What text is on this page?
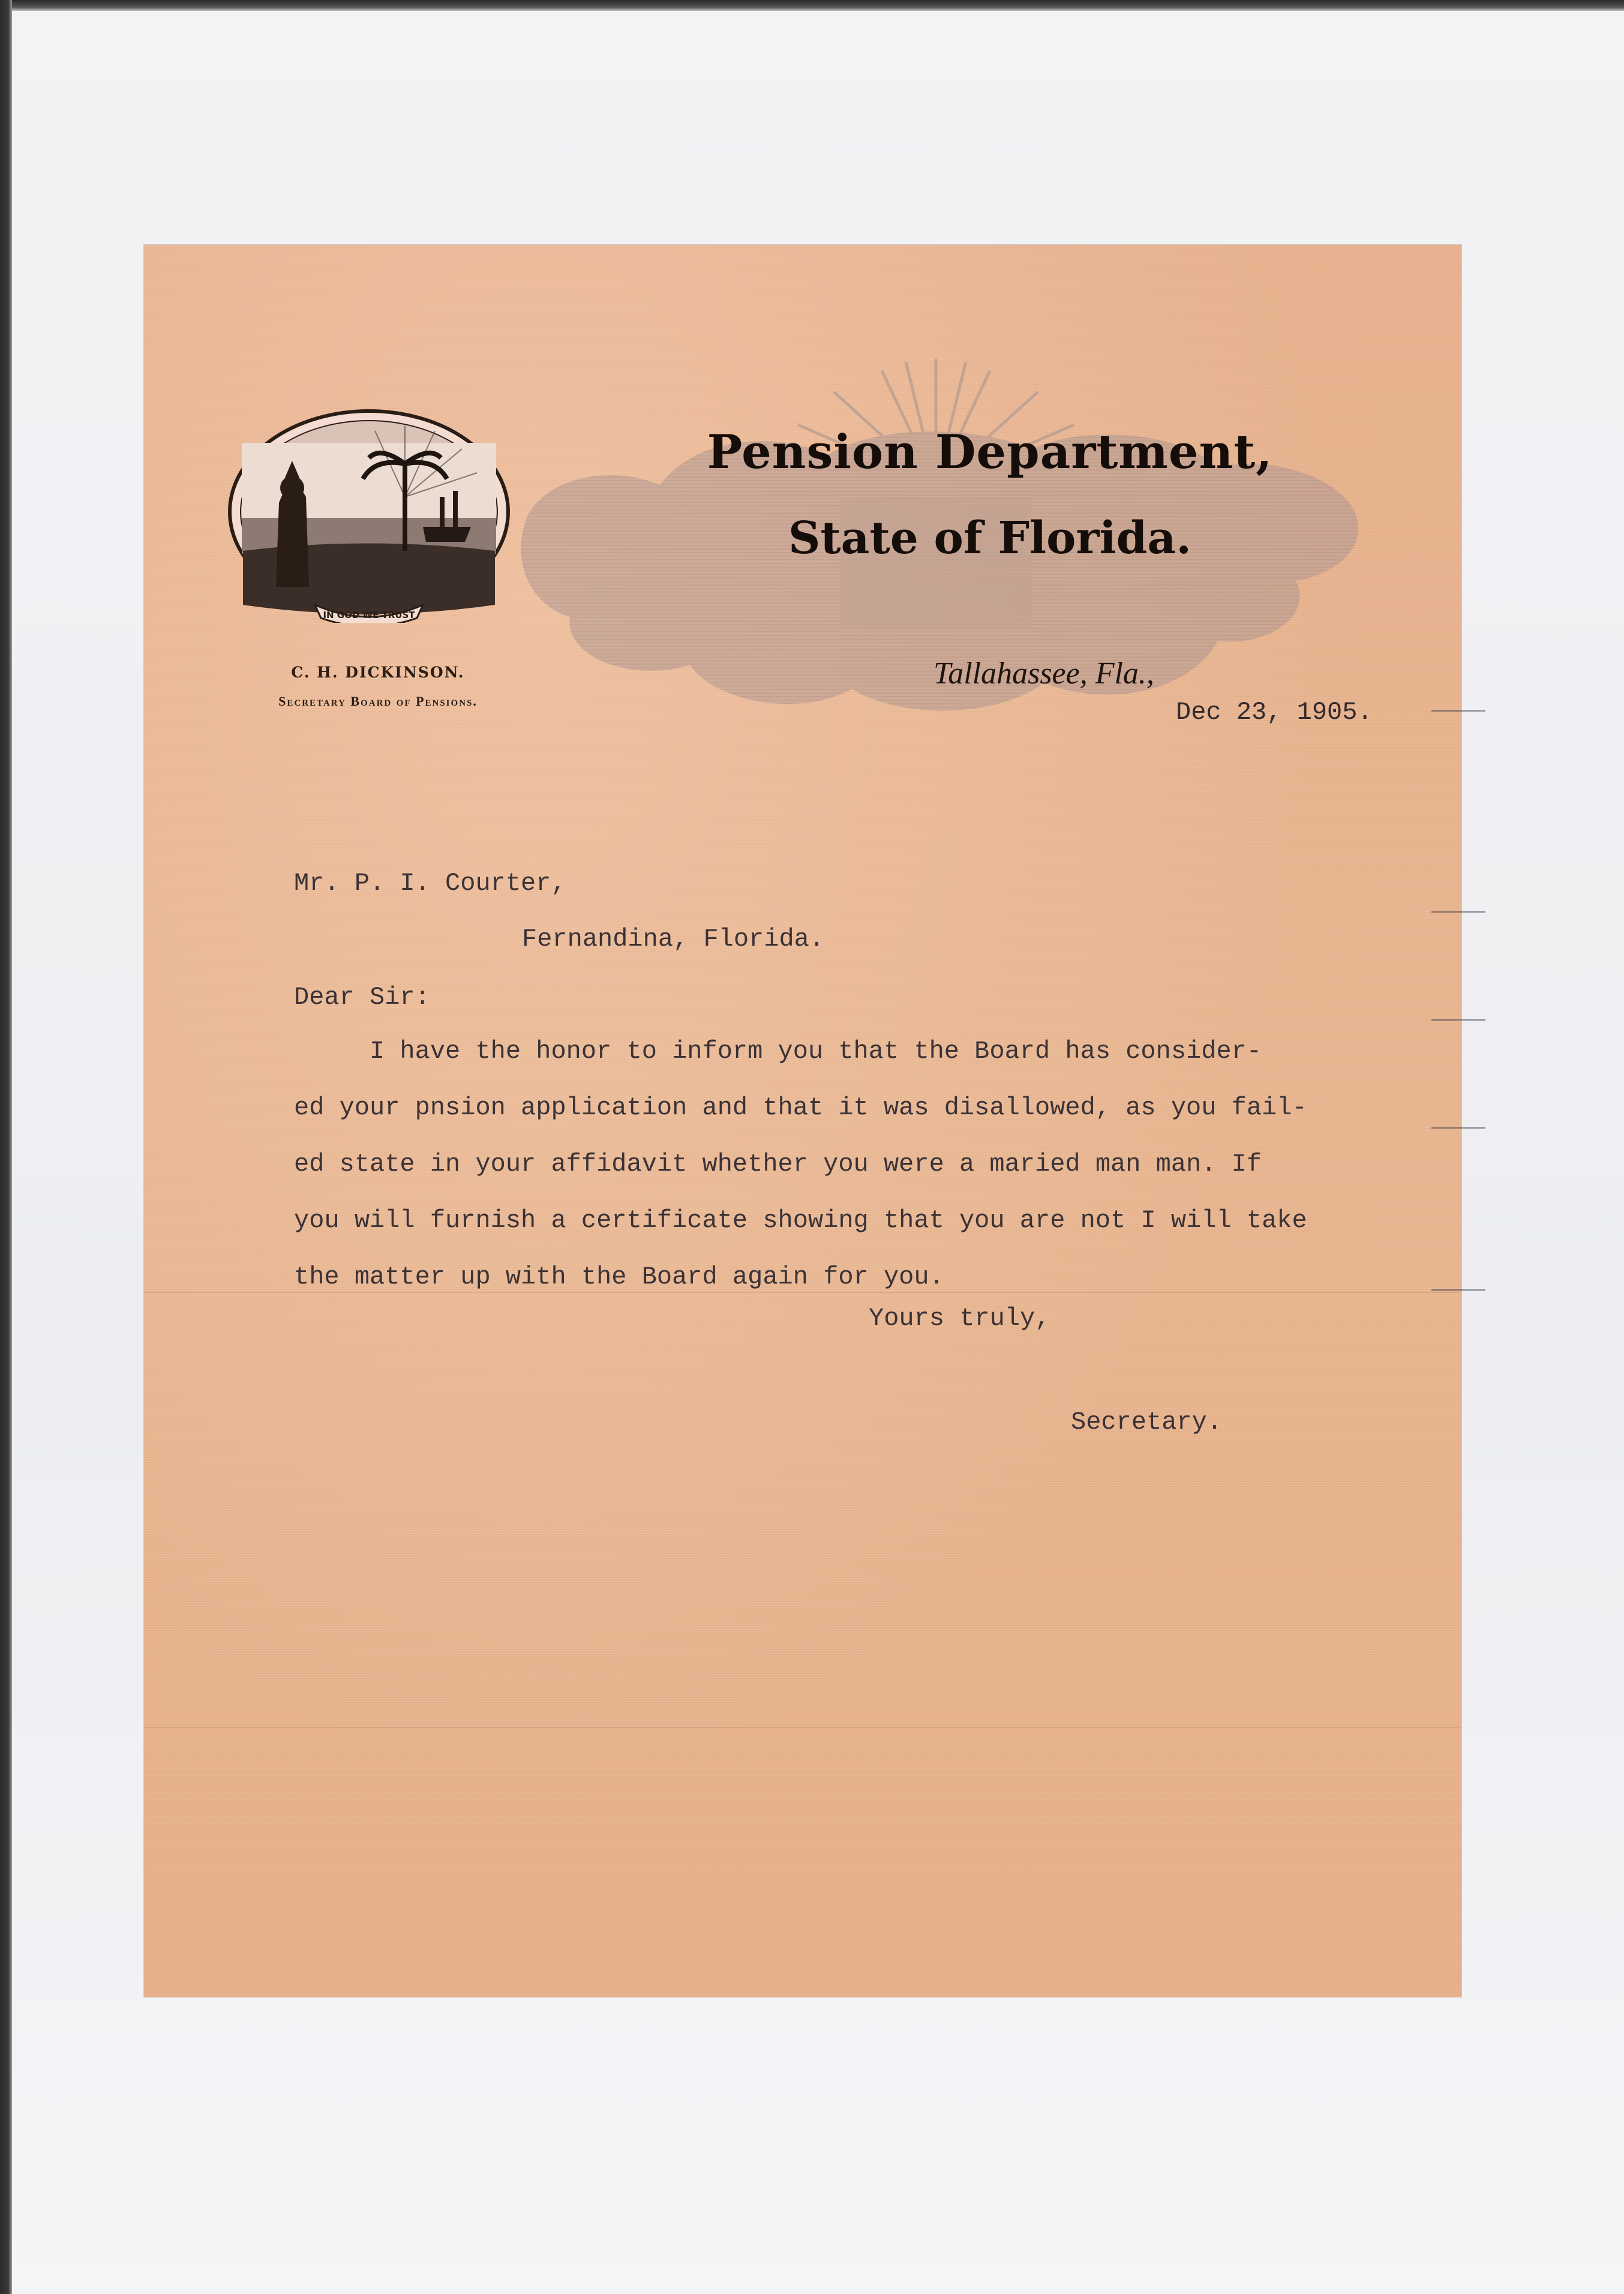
IN GOD WE TRUST
C. H. DICKINSON.
Secretary Board of Pensions.
Pension Department,
State of Florida.
Tallahassee, Fla.,
Dec 23, 1905.
Mr. P. I. Courter,
Fernandina, Florida.
Dear Sir:

I have the honor to inform you that the Board has consider-

ed your pnsion application and that it was disallowed, as you fail-

ed state in your affidavit whether you were a maried man man. If

you will furnish a certificate showing that you are not I will take

the matter up with the Board again for you.

Yours truly,
Secretary.
